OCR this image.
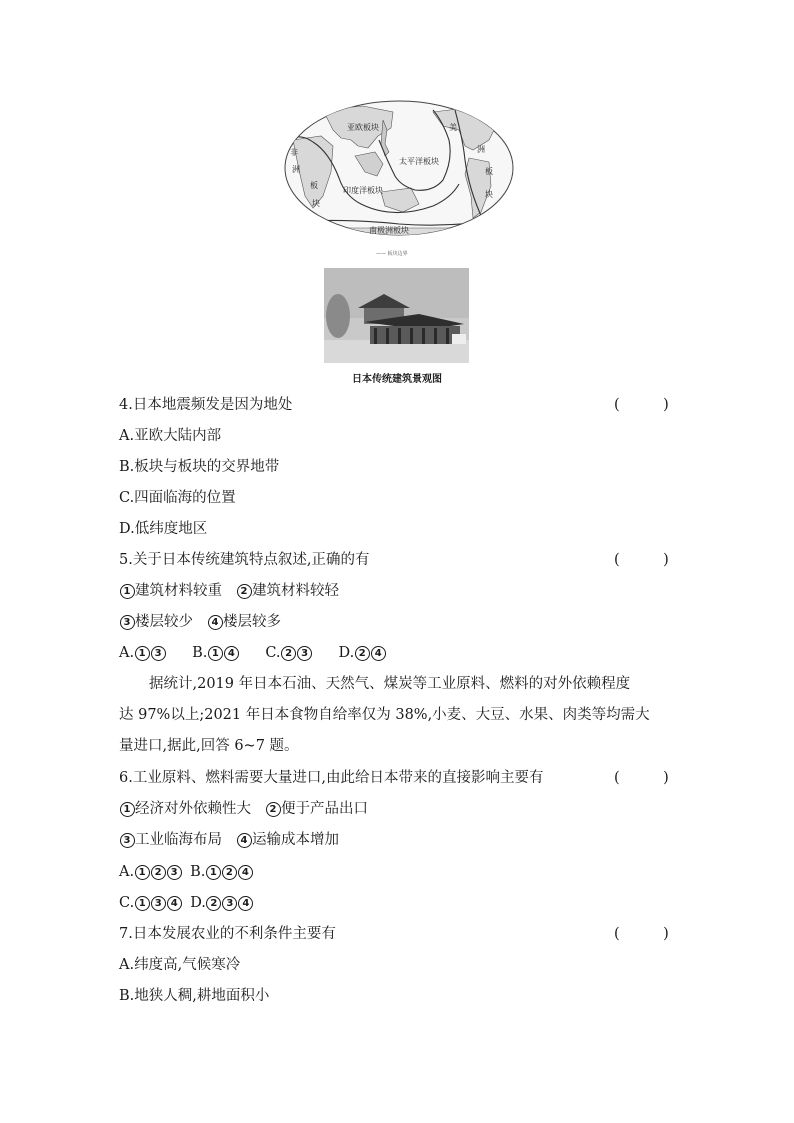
亚欧板块
非
洲
板
块
太平洋板块
美
洲
板
块
印度洋板块
南极洲板块
—— 板块边界
日本传统建筑景观图
4.日本地震频发是因为地处	(　　　)
A.亚欧大陆内部
B.板块与板块的交界地带
C.四面临海的位置
D.低纬度地区
5.关于日本传统建筑特点叙述,正确的有	(　　　)
1 建筑材料较重 2 建筑材料较轻
3 楼层较少 4 楼层较多
A. 1 3 B. 1 4 C. 2 3 D. 2 4
据统计,2019 年日本石油、天然气、煤炭等工业原料、燃料的对外依赖程度
达 97%以上;2021 年日本食物自给率仅为 38%,小麦、大豆、水果、肉类等均需大
量进口,据此,回答 6~7 题。
6.工业原料、燃料需要大量进口,由此给日本带来的直接影响主要有	(　　　)
1 经济对外依赖性大 2 便于产品出口
3 工业临海布局 4 运输成本增加
A. 1 2 3 B. 1 2 4
C. 1 3 4 D. 2 3 4
7.日本发展农业的不利条件主要有	(　　　)
A.纬度高,气候寒冷
B.地狭人稠,耕地面积小
